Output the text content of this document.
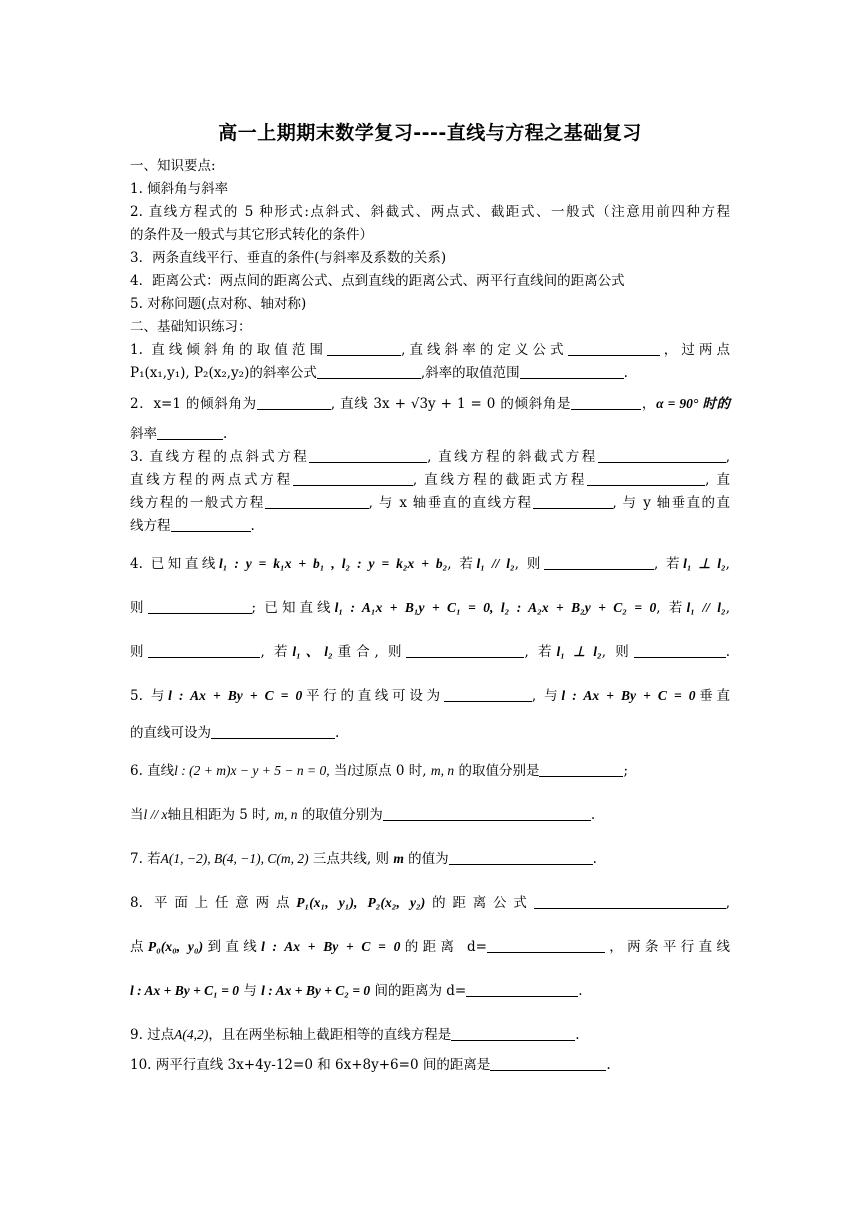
高一上期期末数学复习----直线与方程之基础复习
一、知识要点:
1. 倾斜角与斜率
2. 直线方程式的 5 种形式:点斜式、斜截式、两点式、截距式、一般式（注意用前四种方程
的条件及一般式与其它形式转化的条件）
3．两条直线平行、垂直的条件(与斜率及系数的关系)
4．距离公式：两点间的距离公式、点到直线的距离公式、两平行直线间的距离公式
5. 对称问题(点对称、轴对称)
二、基础知识练习：
1. 直线倾斜角的取值范围	,直线斜率的定义公式	，过两点
P₁(x₁,y₁), P₂(x₂,y₂)的斜率公式	,斜率的取值范围	.
2．x=1 的倾斜角为	, 直线 3x + √3y + 1 = 0 的倾斜角是	，α = 90° 时的
斜率	.
3. 直线方程的点斜式方程	, 直线方程的斜截式方程	,
直线方程的两点式方程	, 直线方程的截距式方程	, 直
线方程的一般式方程	, 与 x 轴垂直的直线方程	, 与 y 轴垂直的直
线方程	.
4. 已知直线l₁ : y = k₁x + b₁ , l₂ : y = k₂x + b₂, 若l₁ // l₂, 则	, 若l₁ ⊥ l₂,
则	; 已知直线l₁ : A₁x + B₁y + C₁ = 0, l₂ : A₂x + B₂y + C₂ = 0, 若l₁ // l₂,
则	, 若l₁、l₂重合, 则	, 若l₁ ⊥ l₂, 则	.
5. 与l : Ax + By + C = 0平行的直线可设为	, 与l : Ax + By + C = 0垂直
的直线可设为	.
6. 直线l : (2 + m)x − y + 5 − n = 0, 当l过原点 0 时, m, n 的取值分别是	;
当l // x轴且相距为 5 时, m, n 的取值分别为	.
7. 若A(1, −2), B(4, −1), C(m, 2) 三点共线, 则 m 的值为	.
8. 平面上任意两点P₁(x₁, y₁), P₂(x₂, y₂)的距离公式	,
点P₀(x₀, y₀)到直线l : Ax + By + C = 0的距离 d=	，两条平行直线
l : Ax + By + C₁ = 0 与 l : Ax + By + C₂ = 0 间的距离为 d=	.
9. 过点A(4,2)，且在两坐标轴上截距相等的直线方程是	.
10. 两平行直线 3x+4y-12=0 和 6x+8y+6=0 间的距离是	.
